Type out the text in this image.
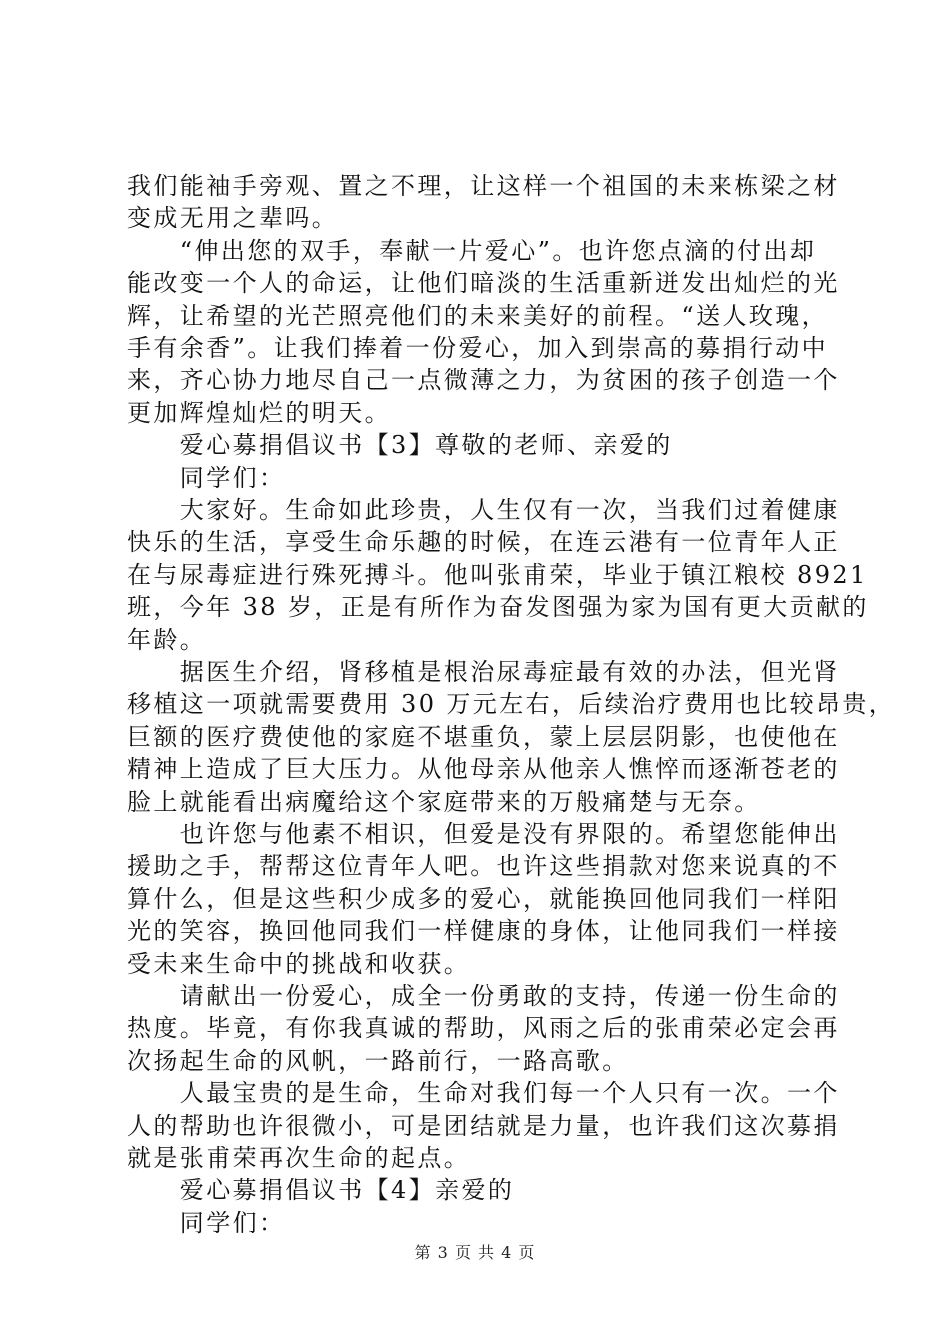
我们能袖手旁观、置之不理，让这样一个祖国的未来栋梁之材
变成无用之辈吗。
“伸出您的双手，奉献一片爱心”。也许您点滴的付出却
能改变一个人的命运，让他们暗淡的生活重新迸发出灿烂的光
辉，让希望的光芒照亮他们的未来美好的前程。“送人玫瑰，
手有余香”。让我们捧着一份爱心，加入到崇高的募捐行动中
来，齐心协力地尽自己一点微薄之力，为贫困的孩子创造一个
更加辉煌灿烂的明天。
爱心募捐倡议书【3】尊敬的老师、亲爱的
同学们：
大家好。生命如此珍贵，人生仅有一次，当我们过着健康
快乐的生活，享受生命乐趣的时候，在连云港有一位青年人正
在与尿毒症进行殊死搏斗。他叫张甫荣，毕业于镇江粮校 8921
班，今年 38 岁，正是有所作为奋发图强为家为国有更大贡献的
年龄。
据医生介绍，肾移植是根治尿毒症最有效的办法，但光肾
移植这一项就需要费用 30 万元左右，后续治疗费用也比较昂贵，
巨额的医疗费使他的家庭不堪重负，蒙上层层阴影，也使他在
精神上造成了巨大压力。从他母亲从他亲人憔悴而逐渐苍老的
脸上就能看出病魔给这个家庭带来的万般痛楚与无奈。
也许您与他素不相识，但爱是没有界限的。希望您能伸出
援助之手，帮帮这位青年人吧。也许这些捐款对您来说真的不
算什么，但是这些积少成多的爱心，就能换回他同我们一样阳
光的笑容，换回他同我们一样健康的身体，让他同我们一样接
受未来生命中的挑战和收获。
请献出一份爱心，成全一份勇敢的支持，传递一份生命的
热度。毕竟，有你我真诚的帮助，风雨之后的张甫荣必定会再
次扬起生命的风帆，一路前行，一路高歌。
人最宝贵的是生命，生命对我们每一个人只有一次。一个
人的帮助也许很微小，可是团结就是力量，也许我们这次募捐
就是张甫荣再次生命的起点。
爱心募捐倡议书【4】亲爱的
同学们：
第 3 页 共 4 页
